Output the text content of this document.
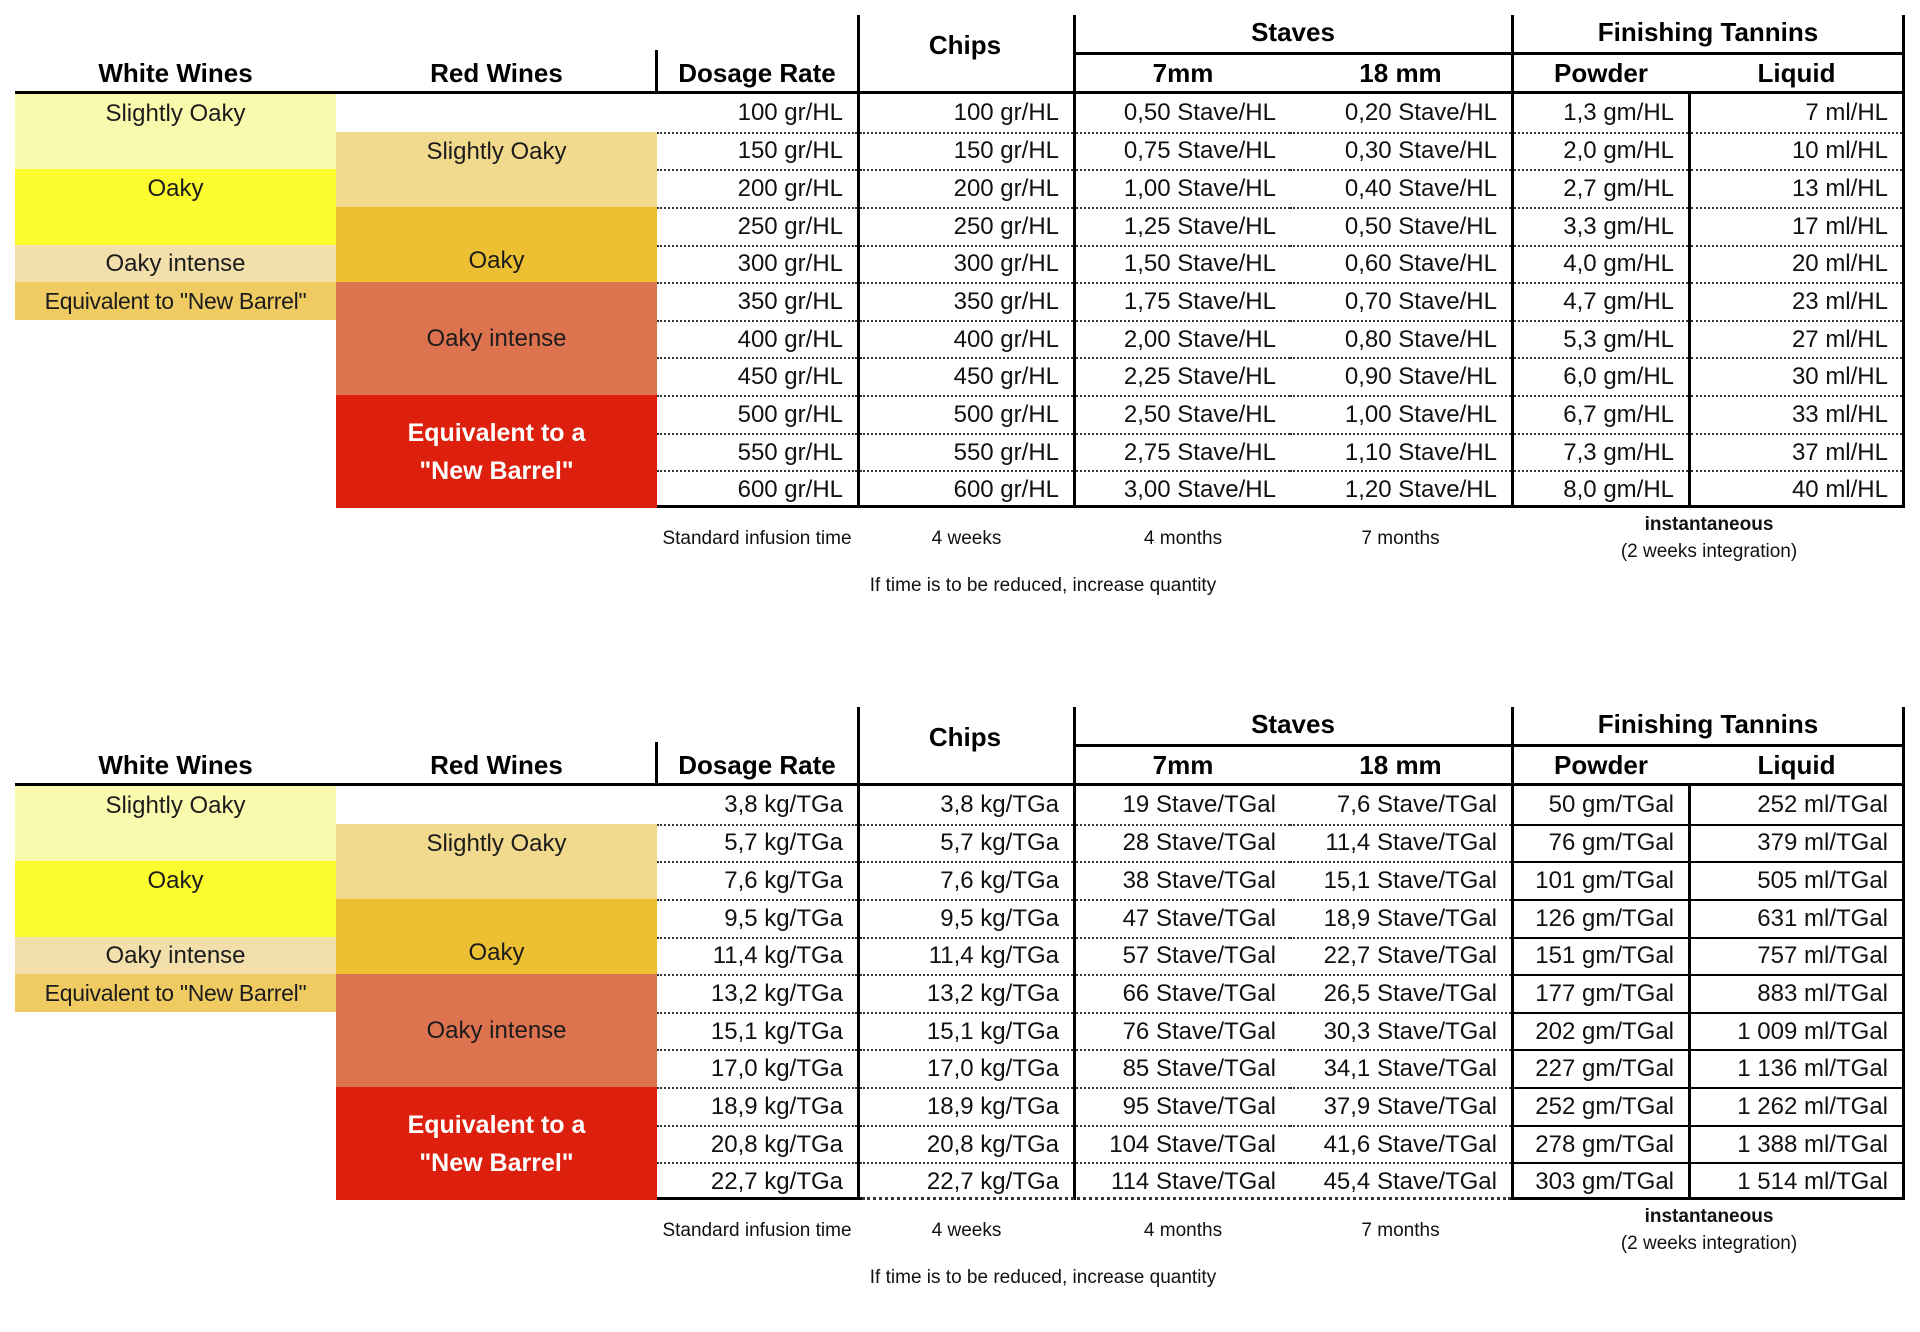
Chips	Staves	Finishing Tannins
White Wines	Red Wines	Dosage Rate	7mm	18 mm	Powder	Liquid
Slightly Oaky
Oaky
Oaky intense
Equivalent to "New Barrel"
Slightly Oaky
Oaky
Oaky intense
Equivalent to a
"New Barrel"
100 gr/HL	100 gr/HL	0,50 Stave/HL	0,20 Stave/HL	1,3 gm/HL	7 ml/HL
150 gr/HL	150 gr/HL	0,75 Stave/HL	0,30 Stave/HL	2,0 gm/HL	10 ml/HL
200 gr/HL	200 gr/HL	1,00 Stave/HL	0,40 Stave/HL	2,7 gm/HL	13 ml/HL
250 gr/HL	250 gr/HL	1,25 Stave/HL	0,50 Stave/HL	3,3 gm/HL	17 ml/HL
300 gr/HL	300 gr/HL	1,50 Stave/HL	0,60 Stave/HL	4,0 gm/HL	20 ml/HL
350 gr/HL	350 gr/HL	1,75 Stave/HL	0,70 Stave/HL	4,7 gm/HL	23 ml/HL
400 gr/HL	400 gr/HL	2,00 Stave/HL	0,80 Stave/HL	5,3 gm/HL	27 ml/HL
450 gr/HL	450 gr/HL	2,25 Stave/HL	0,90 Stave/HL	6,0 gm/HL	30 ml/HL
500 gr/HL	500 gr/HL	2,50 Stave/HL	1,00 Stave/HL	6,7 gm/HL	33 ml/HL
550 gr/HL	550 gr/HL	2,75 Stave/HL	1,10 Stave/HL	7,3 gm/HL	37 ml/HL
600 gr/HL	600 gr/HL	3,00 Stave/HL	1,20 Stave/HL	8,0 gm/HL	40 ml/HL
Standard infusion time	4 weeks	4 months	7 months
instantaneous
(2 weeks integration)
If time is to be reduced, increase quantity
Chips	Staves	Finishing Tannins
White Wines	Red Wines	Dosage Rate	7mm	18 mm	Powder	Liquid
Slightly Oaky
Oaky
Oaky intense
Equivalent to "New Barrel"
Slightly Oaky
Oaky
Oaky intense
Equivalent to a
"New Barrel"
3,8 kg/TGa	3,8 kg/TGa	19 Stave/TGal	7,6 Stave/TGal	50 gm/TGal	252 ml/TGal
5,7 kg/TGa	5,7 kg/TGa	28 Stave/TGal	11,4 Stave/TGal	76 gm/TGal	379 ml/TGal
7,6 kg/TGa	7,6 kg/TGa	38 Stave/TGal	15,1 Stave/TGal	101 gm/TGal	505 ml/TGal
9,5 kg/TGa	9,5 kg/TGa	47 Stave/TGal	18,9 Stave/TGal	126 gm/TGal	631 ml/TGal
11,4 kg/TGa	11,4 kg/TGa	57 Stave/TGal	22,7 Stave/TGal	151 gm/TGal	757 ml/TGal
13,2 kg/TGa	13,2 kg/TGa	66 Stave/TGal	26,5 Stave/TGal	177 gm/TGal	883 ml/TGal
15,1 kg/TGa	15,1 kg/TGa	76 Stave/TGal	30,3 Stave/TGal	202 gm/TGal	1 009 ml/TGal
17,0 kg/TGa	17,0 kg/TGa	85 Stave/TGal	34,1 Stave/TGal	227 gm/TGal	1 136 ml/TGal
18,9 kg/TGa	18,9 kg/TGa	95 Stave/TGal	37,9 Stave/TGal	252 gm/TGal	1 262 ml/TGal
20,8 kg/TGa	20,8 kg/TGa	104 Stave/TGal	41,6 Stave/TGal	278 gm/TGal	1 388 ml/TGal
22,7 kg/TGa	22,7 kg/TGa	114 Stave/TGal	45,4 Stave/TGal	303 gm/TGal	1 514 ml/TGal
Standard infusion time	4 weeks	4 months	7 months
instantaneous
(2 weeks integration)
If time is to be reduced, increase quantity
